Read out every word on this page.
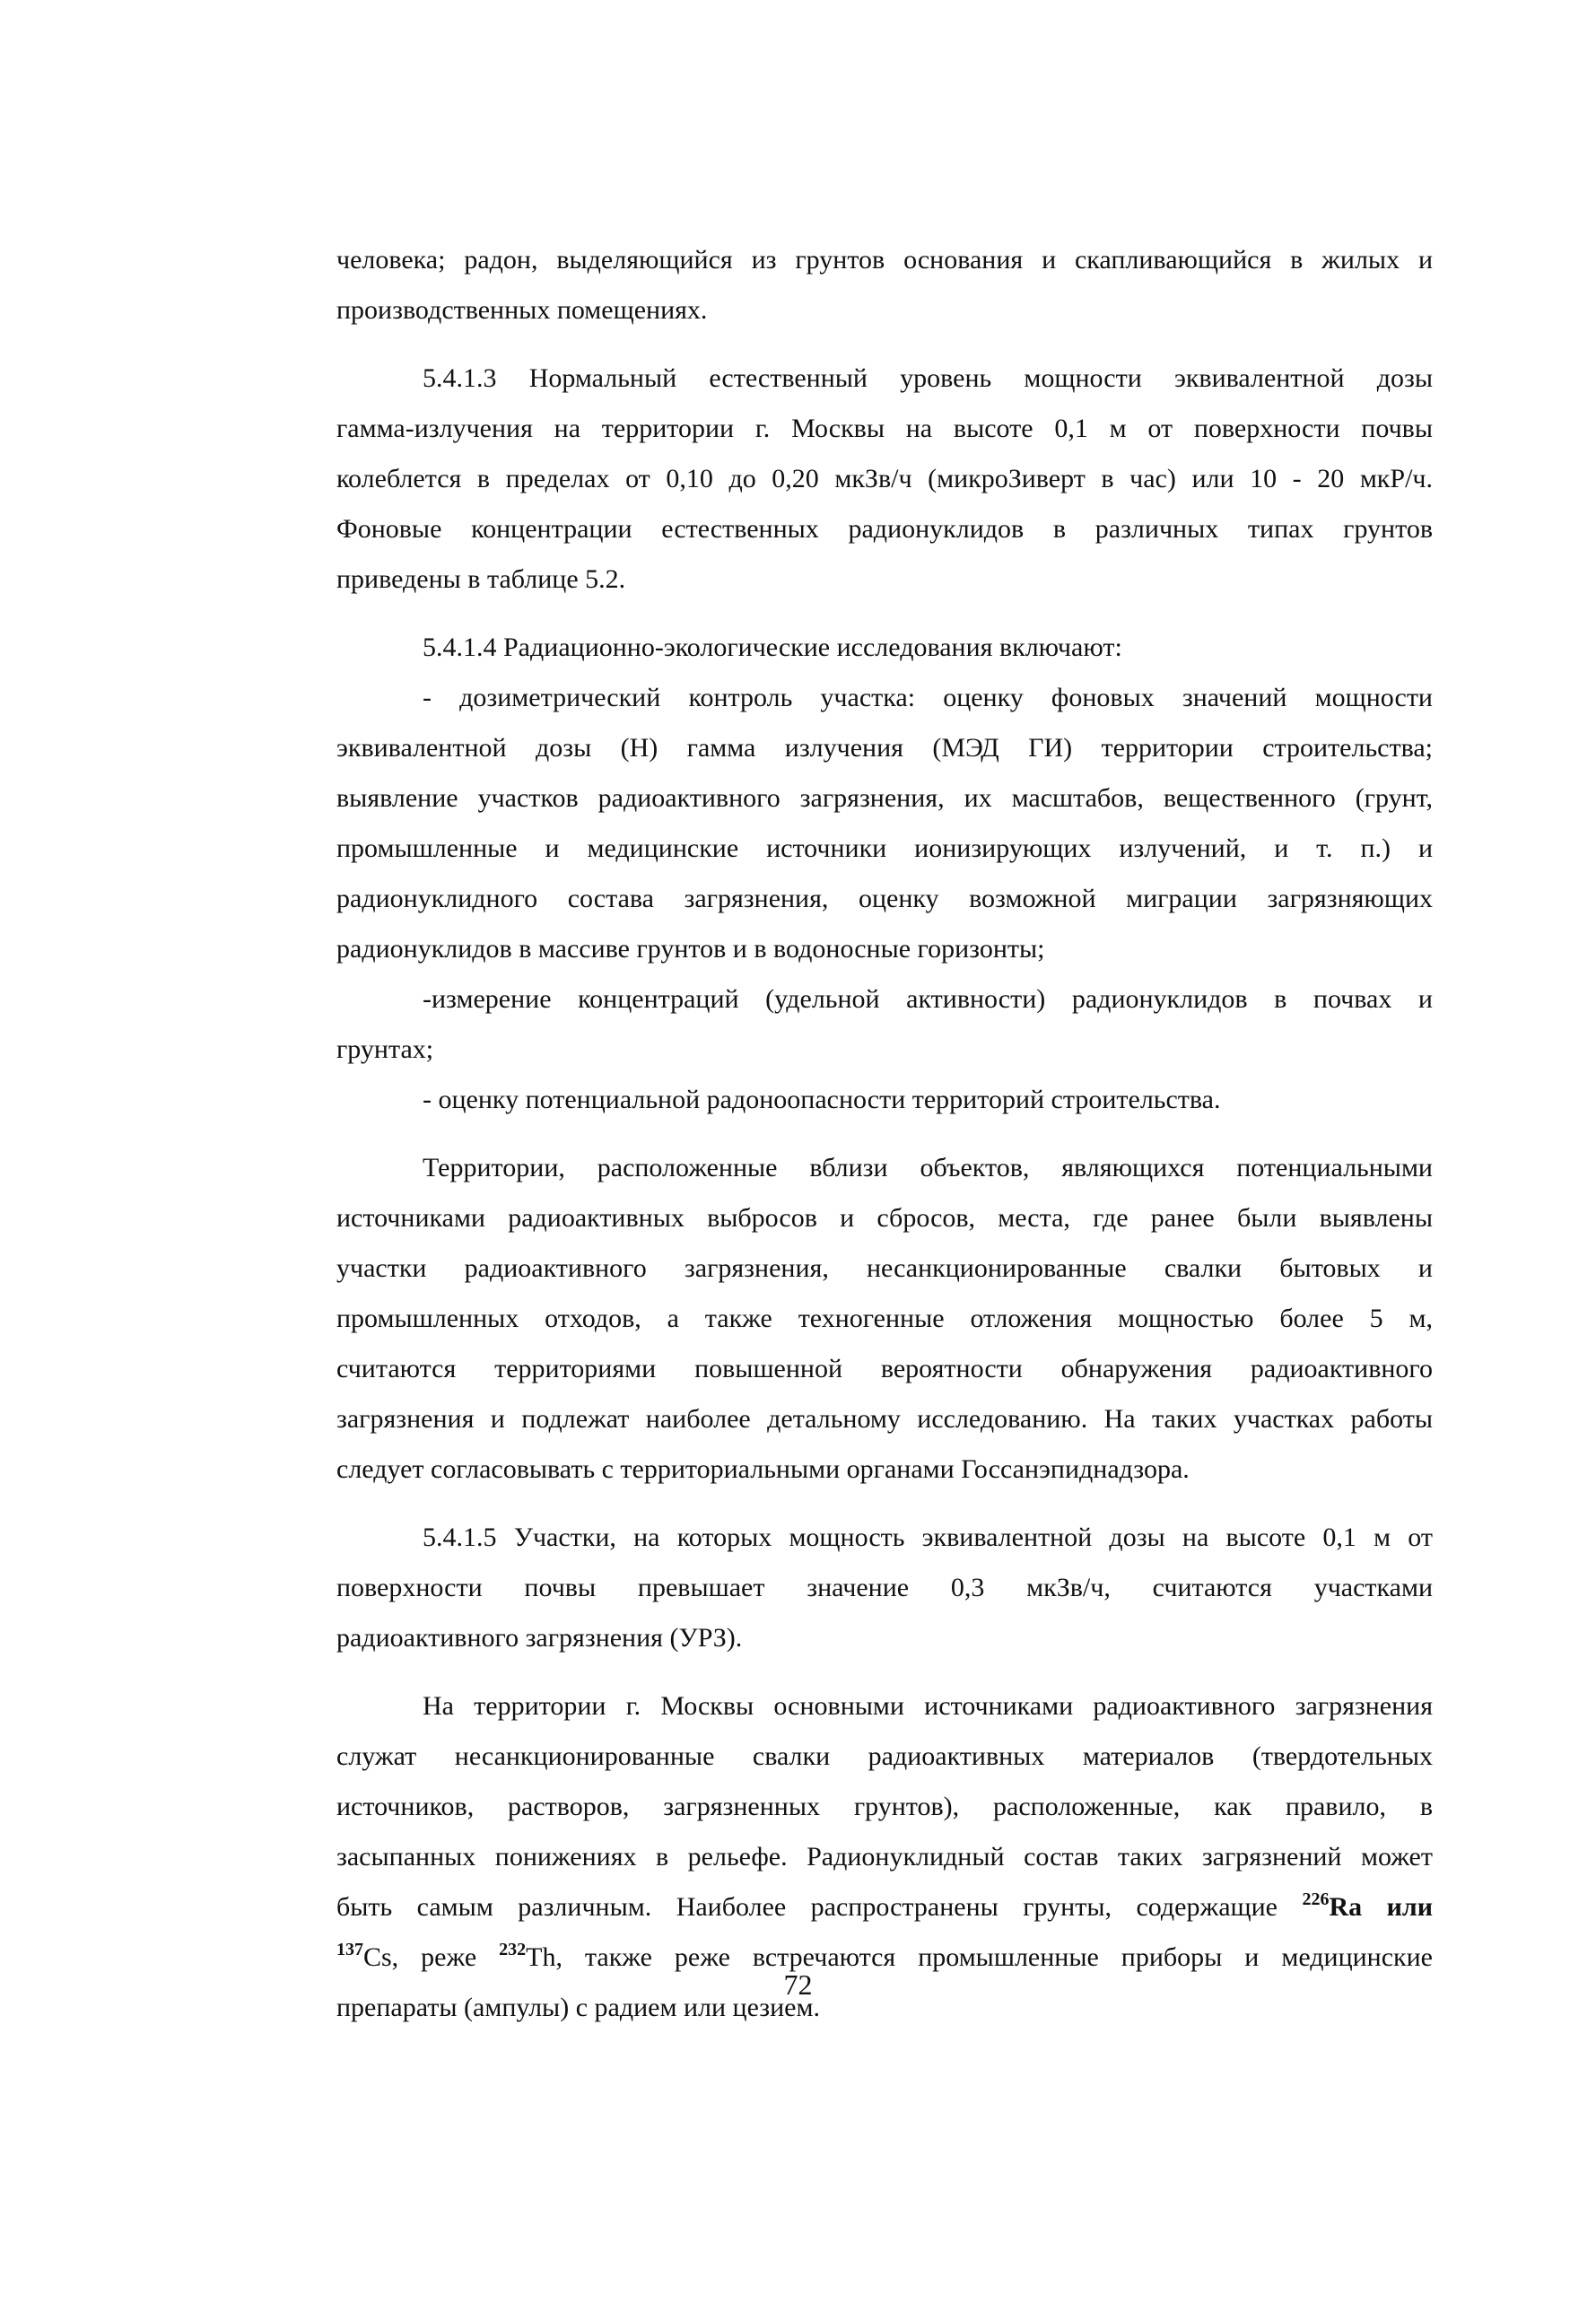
человека; радон, выделяющийся из грунтов основания и скапливающийся в жилых и
производственных помещениях.
5.4.1.3 Нормальный естественный уровень мощности эквивалентной дозы
гамма-излучения на территории г. Москвы на высоте 0,1 м от поверхности почвы
колеблется в пределах от 0,10 до 0,20 мкЗв/ч (микроЗиверт в час) или 10 - 20 мкР/ч.
Фоновые концентрации естественных радионуклидов в различных типах грунтов
приведены в таблице 5.2.
5.4.1.4 Радиационно-экологические исследования включают:
- дозиметрический контроль участка: оценку фоновых значений мощности
эквивалентной дозы (Н) гамма излучения (МЭД ГИ) территории строительства;
выявление участков радиоактивного загрязнения, их масштабов, вещественного (грунт,
промышленные и медицинские источники ионизирующих излучений, и т. п.) и
радионуклидного состава загрязнения, оценку возможной миграции загрязняющих
радионуклидов в массиве грунтов и в водоносные горизонты;
-измерение концентраций (удельной активности) радионуклидов в почвах и
грунтах;
- оценку потенциальной радоноопасности территорий строительства.
Территории, расположенные вблизи объектов, являющихся потенциальными
источниками радиоактивных выбросов и сбросов, места, где ранее были выявлены
участки радиоактивного загрязнения, несанкционированные свалки бытовых и
промышленных отходов, а также техногенные отложения мощностью более 5 м,
считаются территориями повышенной вероятности обнаружения радиоактивного
загрязнения и подлежат наиболее детальному исследованию. На таких участках работы
следует согласовывать с территориальными органами Госсанэпиднадзора.
5.4.1.5 Участки, на которых мощность эквивалентной дозы на высоте 0,1 м от
поверхности почвы превышает значение 0,3 мкЗв/ч, считаются участками
радиоактивного загрязнения (УРЗ).
На территории г. Москвы основными источниками радиоактивного загрязнения
служат несанкционированные свалки радиоактивных материалов (твердотельных
источников, растворов, загрязненных грунтов), расположенные, как правило, в
засыпанных понижениях в рельефе. Радионуклидный состав таких загрязнений может
быть самым различным. Наиболее распространены грунты, содержащие $^{226}$Ra или
$^{137}$Cs, реже $^{232}$Th, также реже встречаются промышленные приборы и медицинские
препараты (ампулы) с радием или цезием.
72
